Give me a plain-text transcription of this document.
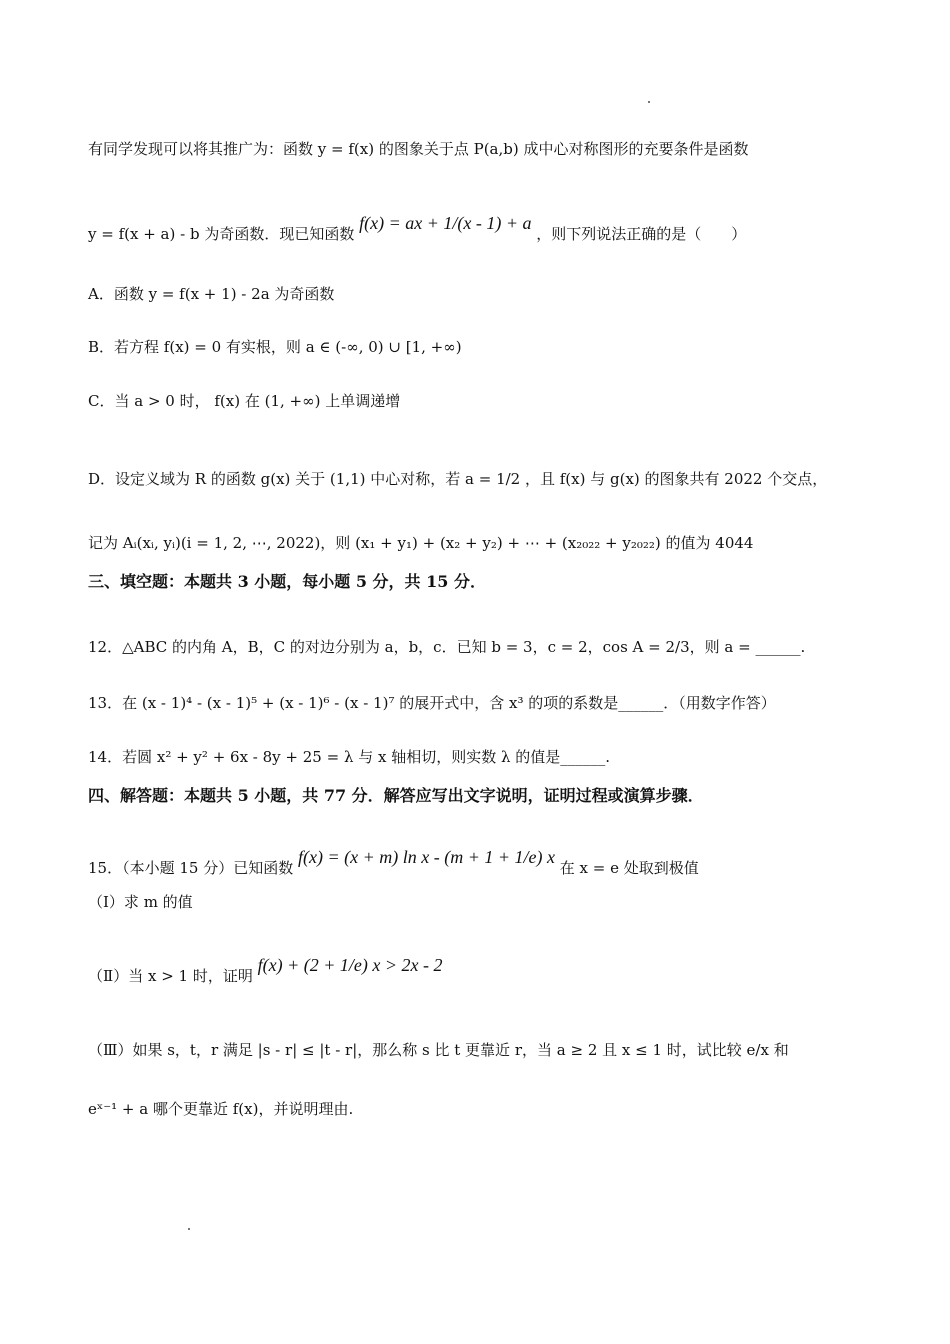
有同学发现可以将其推广为：函数 y = f(x) 的图象关于点 P(a,b) 成中心对称图形的充要条件是函数
y = f(x + a) - b 为奇函数．现已知函数 f(x) = ax + 1/(x - 1) + a ，则下列说法正确的是（　　）
A．函数 y = f(x + 1) - 2a 为奇函数
B．若方程 f(x) = 0 有实根，则 a ∈ (-∞, 0) ∪ [1, +∞)
C．当 a > 0 时， f(x) 在 (1, +∞) 上单调递增
D．设定义域为 R 的函数 g(x) 关于 (1,1) 中心对称，若 a = 1/2 ，且 f(x) 与 g(x) 的图象共有 2022 个交点，
记为 Aᵢ(xᵢ, yᵢ)(i = 1, 2, ⋯, 2022)，则 (x₁ + y₁) + (x₂ + y₂) + ⋯ + (x₂₀₂₂ + y₂₀₂₂) 的值为 4044
三、填空题：本题共 3 小题，每小题 5 分，共 15 分．
12．△ABC 的内角 A，B，C 的对边分别为 a，b，c．已知 b = 3，c = 2，cos A = 2/3，则 a = ______.
13．在 (x - 1)⁴ - (x - 1)⁵ + (x - 1)⁶ - (x - 1)⁷ 的展开式中，含 x³ 的项的系数是______．（用数字作答）
14．若圆 x² + y² + 6x - 8y + 25 = λ 与 x 轴相切，则实数 λ 的值是______.
四、解答题：本题共 5 小题，共 77 分．解答应写出文字说明，证明过程或演算步骤．
15．（本小题 15 分）已知函数 f(x) = (x + m) ln x - (m + 1 + 1/e) x 在 x = e 处取到极值
（Ⅰ）求 m 的值
（Ⅱ）当 x > 1 时，证明 f(x) + (2 + 1/e) x > 2x - 2
（Ⅲ）如果 s，t，r 满足 |s - r| ≤ |t - r|，那么称 s 比 t 更靠近 r，当 a ≥ 2 且 x ≤ 1 时，试比较 e/x 和
eˣ⁻¹ + a 哪个更靠近 f(x)，并说明理由.
